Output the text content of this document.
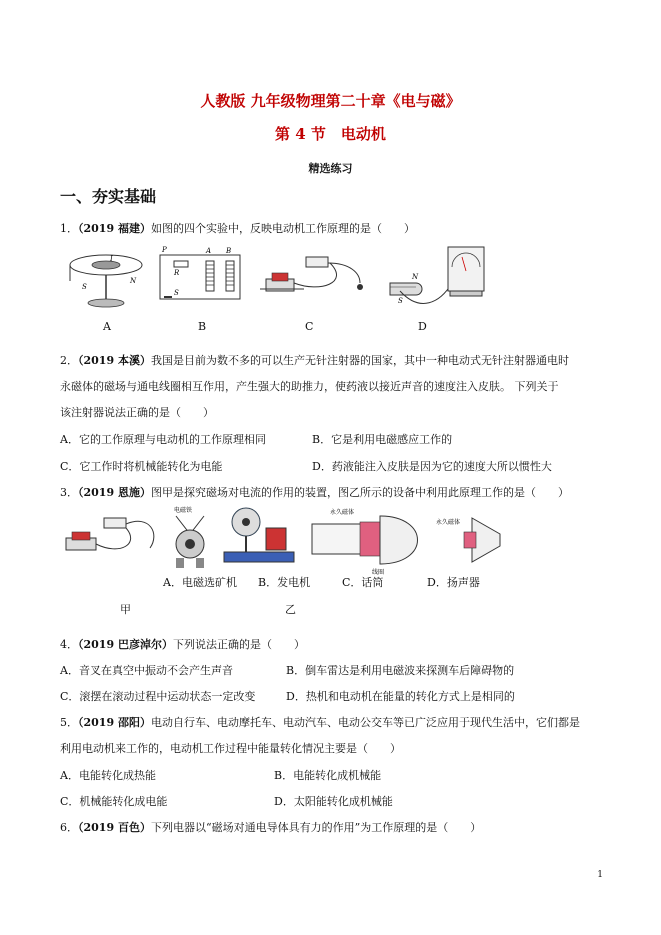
人教版 九年级物理第二十章《电与磁》
第 4 节　电动机
精选练习
一、夯实基础
1．（2019 福建）如图的四个实验中，反映电动机工作原理的是（　　）
I
S
N
P
R
S
A B
N
S
A	B	C	D
2．（2019 本溪）我国是目前为数不多的可以生产无针注射器的国家，其中一种电动式无针注射器通电时
永磁体的磁场与通电线圈相互作用，产生强大的助推力，使药液以接近声音的速度注入皮肤。 下列关于
该注射器说法正确的是（　　）
A．它的工作原理与电动机的工作原理相同	B．它是利用电磁感应工作的
C．它工作时将机械能转化为电能	D．药液能注入皮肤是因为它的速度大所以惯性大
3．（2019 恩施）图甲是探究磁场对电流的作用的装置，图乙所示的设备中利用此原理工作的是（　　）
电磁铁	永久磁体
线圈
永久磁体
A．电磁选矿机 B．发电机	C．话筒	D．扬声器
甲	乙
4．（2019 巴彦淖尔）下列说法正确的是（　　）
A．音叉在真空中振动不会产生声音	B．倒车雷达是利用电磁波来探测车后障碍物的
C．滚摆在滚动过程中运动状态一定改变	D．热机和电动机在能量的转化方式上是相同的
5．（2019 邵阳）电动自行车、电动摩托车、电动汽车、电动公交车等已广泛应用于现代生活中，它们都是
利用电动机来工作的，电动机工作过程中能量转化情况主要是（　　）
A．电能转化成热能	B．电能转化成机械能
C．机械能转化成电能	D．太阳能转化成机械能
6．（2019 百色）下列电器以“磁场对通电导体具有力的作用”为工作原理的是（　　）
1
